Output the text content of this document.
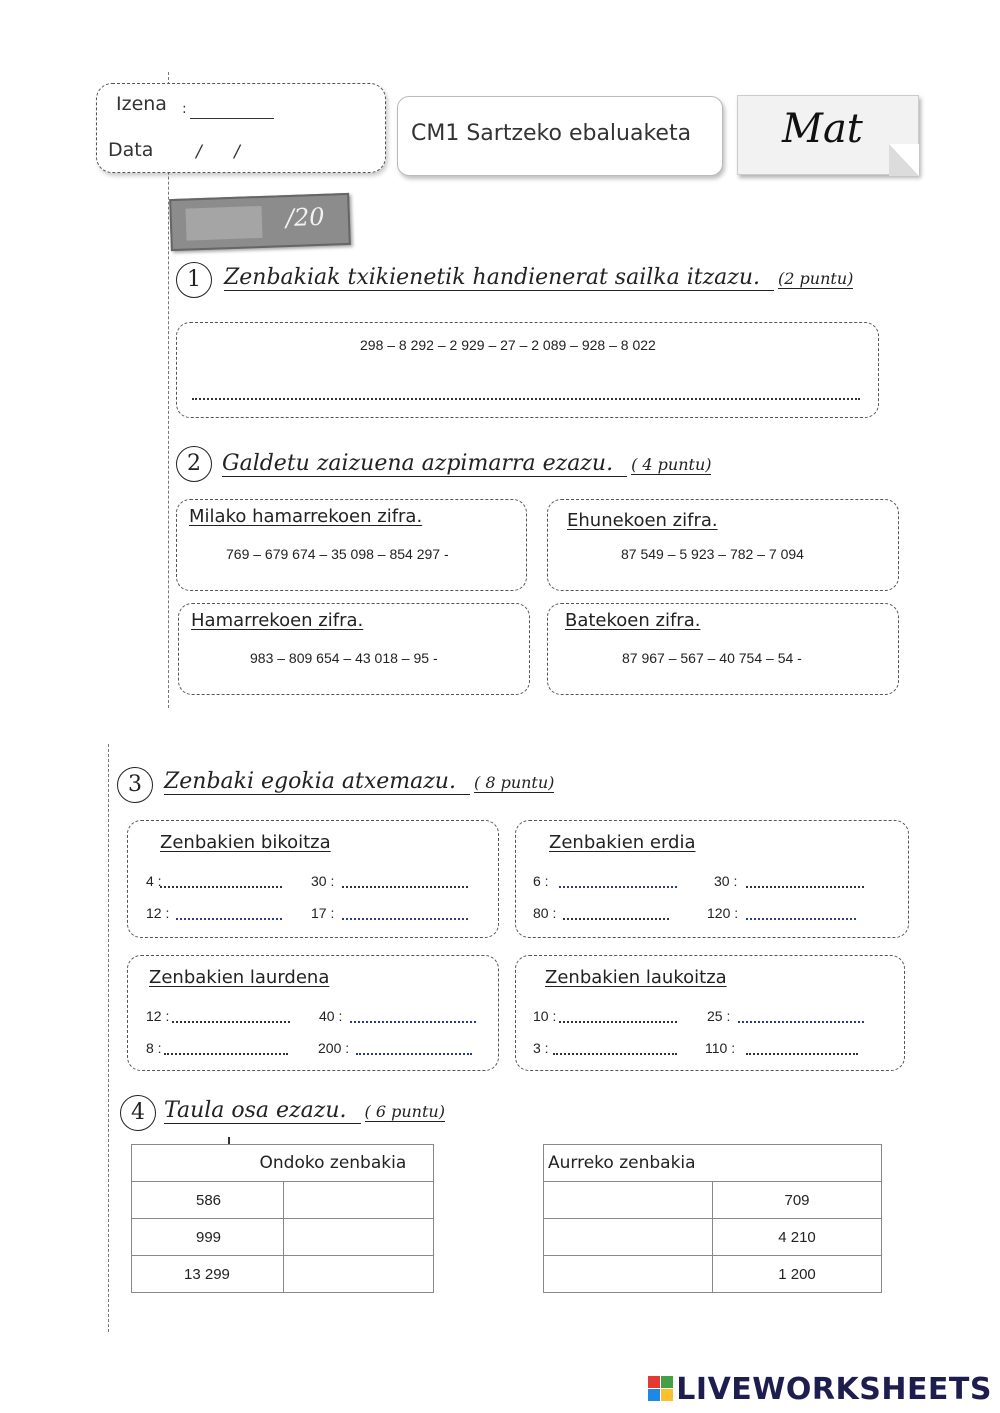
Izena :
Data	/      /
CM1 Sartzeko ebaluaketa Mat
/20
1	Zenbakiak txikienetik handienerat sailka itzazu. (2 puntu)
298 – 8 292 – 2 929 – 27 – 2 089 – 928 – 8 022
2 Galdetu zaizuena azpimarra ezazu. ( 4 puntu)
Milako hamarrekoen zifra.
769 – 679 674 – 35 098 – 854 297 -
Ehunekoen zifra.
87 549 – 5 923 – 782 – 7 094
Hamarrekoen zifra.
983 – 809 654 – 43 018 – 95 -
Batekoen zifra.
87 967 – 567 – 40 754 – 54 -
3	Zenbaki egokia atxemazu. ( 8 puntu)
Zenbakien bikoitza
4 :	30 :
12 :	17 :
Zenbakien erdia
6 :	30 :
80 :	120 :
Zenbakien laurdena
12 :	40 :
8 :	200 :
Zenbakien laukoitza
10 :	25 :
3 :	110 :
4 Taula osa ezazu. ( 6 puntu)
	Ondoko zenbakia
586	
999	
13 299	
Aurreko zenbakia	
	709
	4 210
	1 200
LIVEWORKSHEETS
